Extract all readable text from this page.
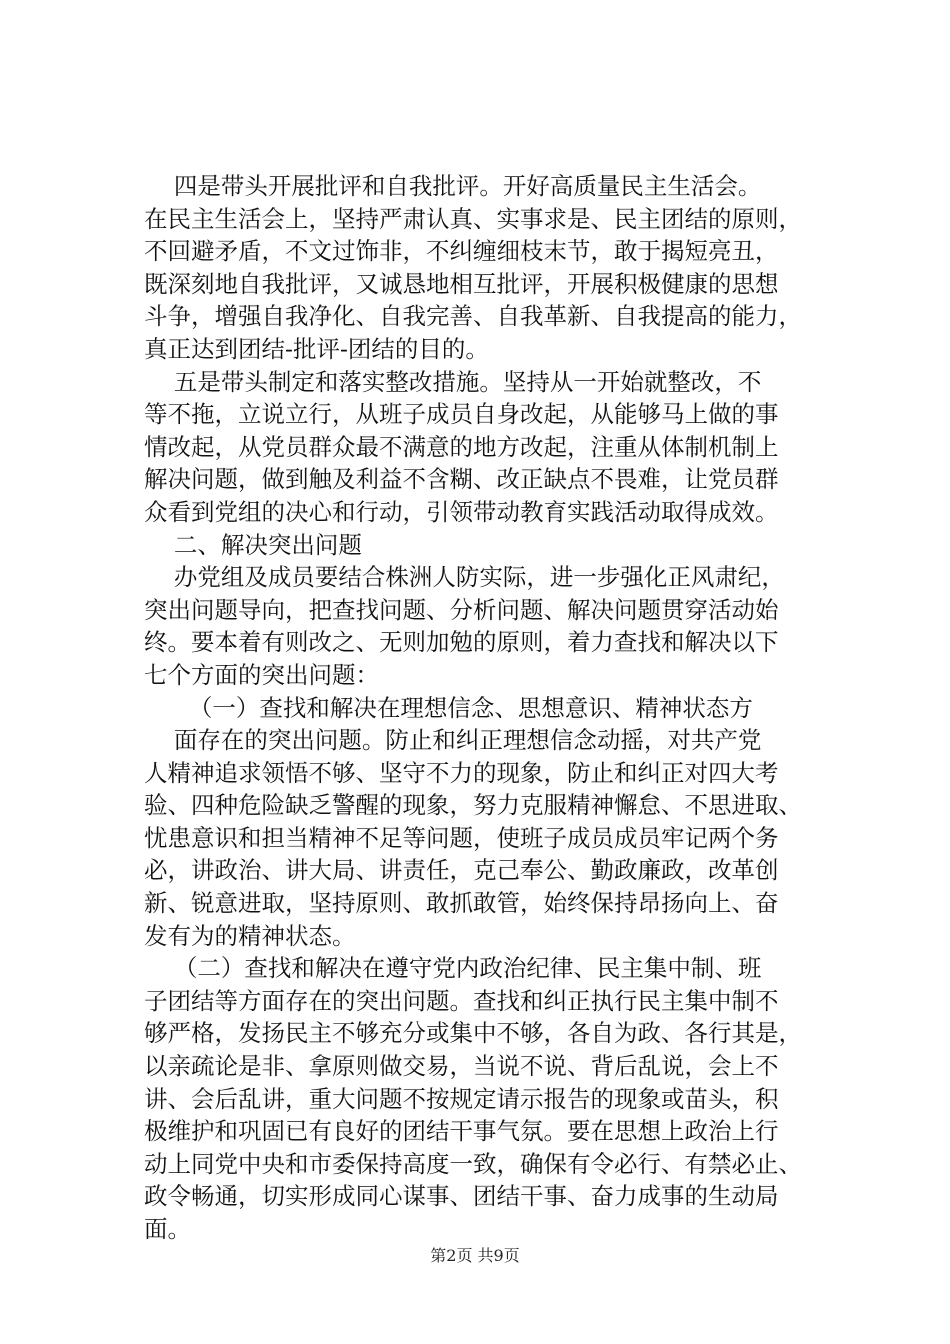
四是带头开展批评和自我批评。开好高质量民主生活会。
在民主生活会上，坚持严肃认真、实事求是、民主团结的原则，
不回避矛盾，不文过饰非，不纠缠细枝末节，敢于揭短亮丑，
既深刻地自我批评，又诚恳地相互批评，开展积极健康的思想
斗争，增强自我净化、自我完善、自我革新、自我提高的能力，
真正达到团结-批评-团结的目的。
五是带头制定和落实整改措施。坚持从一开始就整改，不
等不拖，立说立行，从班子成员自身改起，从能够马上做的事
情改起，从党员群众最不满意的地方改起，注重从体制机制上
解决问题，做到触及利益不含糊、改正缺点不畏难，让党员群
众看到党组的决心和行动，引领带动教育实践活动取得成效。
二、解决突出问题
办党组及成员要结合株洲人防实际，进一步强化正风肃纪，
突出问题导向，把查找问题、分析问题、解决问题贯穿活动始
终。要本着有则改之、无则加勉的原则，着力查找和解决以下
七个方面的突出问题：
（一）查找和解决在理想信念、思想意识、精神状态方
面存在的突出问题。防止和纠正理想信念动摇，对共产党
人精神追求领悟不够、坚守不力的现象，防止和纠正对四大考
验、四种危险缺乏警醒的现象，努力克服精神懈怠、不思进取、
忧患意识和担当精神不足等问题，使班子成员成员牢记两个务
必，讲政治、讲大局、讲责任，克己奉公、勤政廉政，改革创
新、锐意进取，坚持原则、敢抓敢管，始终保持昂扬向上、奋
发有为的精神状态。
（二）查找和解决在遵守党内政治纪律、民主集中制、班
子团结等方面存在的突出问题。查找和纠正执行民主集中制不
够严格，发扬民主不够充分或集中不够，各自为政、各行其是，
以亲疏论是非、拿原则做交易，当说不说、背后乱说，会上不
讲、会后乱讲，重大问题不按规定请示报告的现象或苗头，积
极维护和巩固已有良好的团结干事气氛。要在思想上政治上行
动上同党中央和市委保持高度一致，确保有令必行、有禁必止、
政令畅通，切实形成同心谋事、团结干事、奋力成事的生动局
面。
第2页 共9页
